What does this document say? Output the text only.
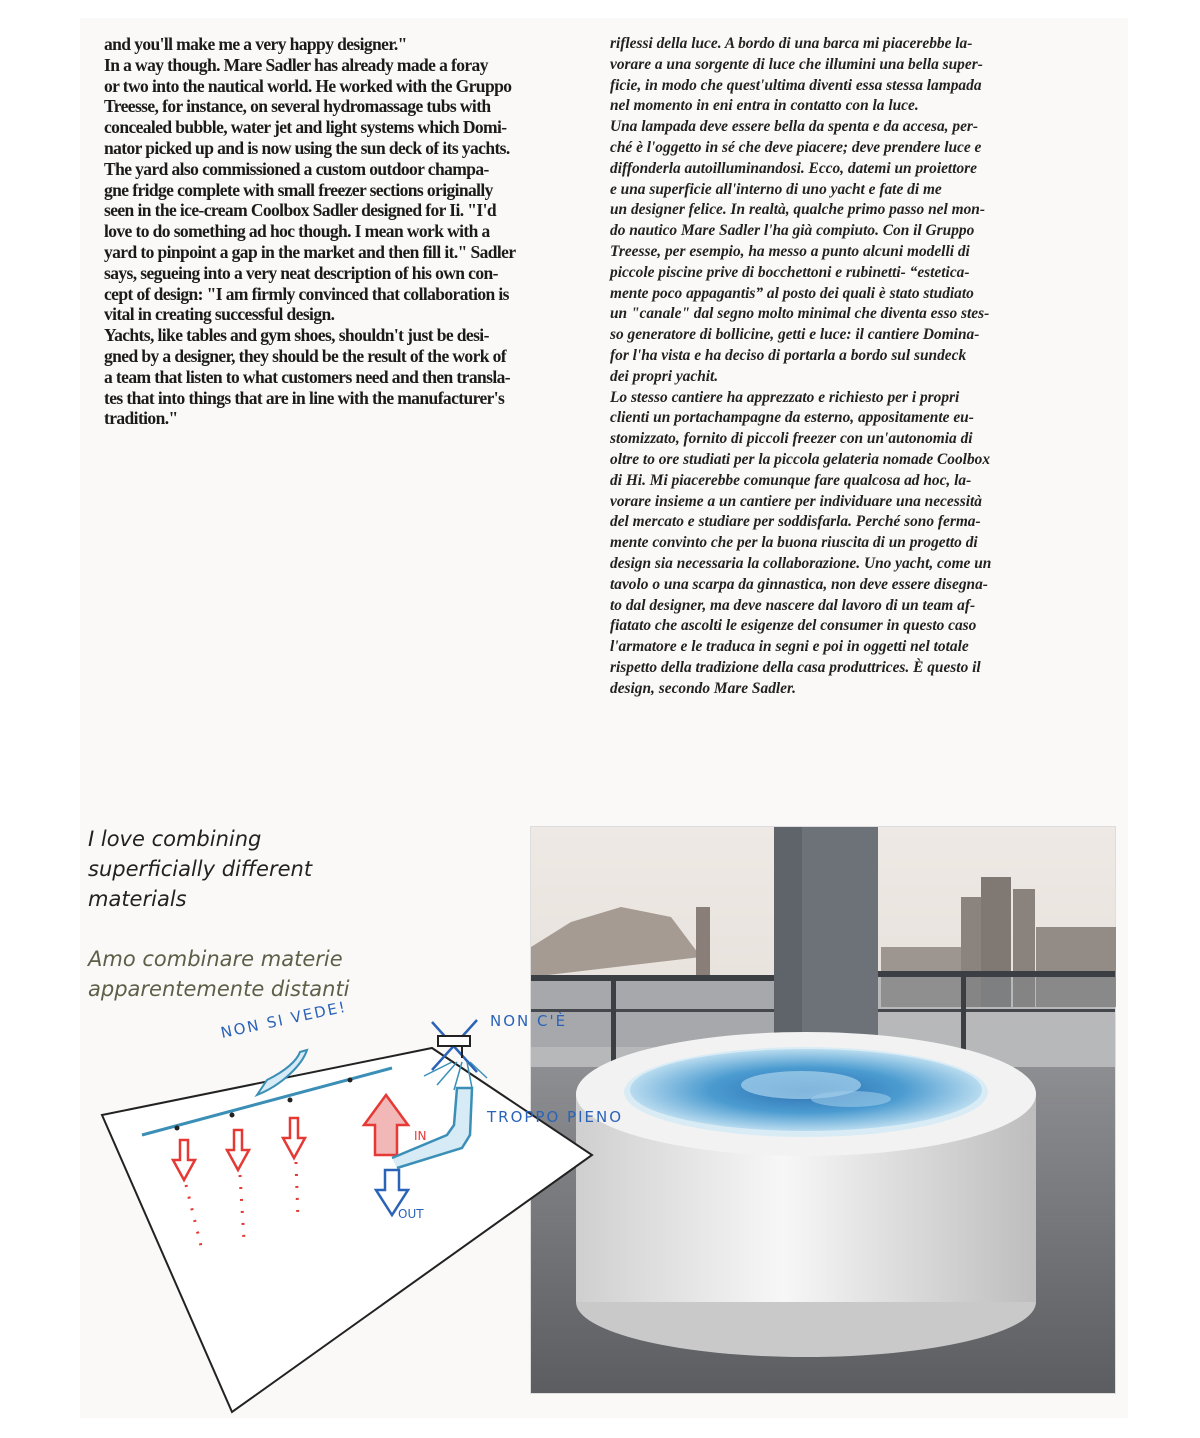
and you'll make me a very happy designer."
In a way though. Mare Sadler has already made a foray
or two into the nautical world. He worked with the Gruppo
Treesse, for instance, on several hydromassage tubs with
concealed bubble, water jet and light systems which Domi-
nator picked up and is now using the sun deck of its yachts.
The yard also commissioned a custom outdoor champa-
gne fridge complete with small freezer sections originally
seen in the ice-cream Coolbox Sadler designed for Ii. "I'd
love to do something ad hoc though. I mean work with a
yard to pinpoint a gap in the market and then fill it." Sadler
says, segueing into a very neat description of his own con-
cept of design: "I am firmly convinced that collaboration is
vital in creating successful design.
Yachts, like tables and gym shoes, shouldn't just be desi-
gned by a designer, they should be the result of the work of
a team that listen to what customers need and then transla-
tes that into things that are in line with the manufacturer's
tradition."
riflessi della luce. A bordo di una barca mi piacerebbe la-
vorare a una sorgente di luce che illumini una bella super-
ficie, in modo che quest'ultima diventi essa stessa lampada
nel momento in eni entra in contatto con la luce.
Una lampada deve essere bella da spenta e da accesa, per-
ché è l'oggetto in sé che deve piacere; deve prendere luce e
diffonderla autoilluminandosi. Ecco, datemi un proiettore
e una superficie all'interno di uno yacht e fate di me
un designer felice. In realtà, qualche primo passo nel mon-
do nautico Mare Sadler l'ha già compiuto. Con il Gruppo
Treesse, per esempio, ha messo a punto alcuni modelli di
piccole piscine prive di bocchettoni e rubinetti- “estetica-
mente poco appagantis” al posto dei quali è stato studiato
un "canale" dal segno molto minimal che diventa esso stes-
so generatore di bollicine, getti e luce: il cantiere Domina-
for l'ha vista e ha deciso di portarla a bordo sul sundeck
dei propri yachit.
Lo stesso cantiere ha apprezzato e richiesto per i propri
clienti un portachampagne da esterno, appositamente eu-
stomizzato, fornito di piccoli freezer con un'autonomia di
oltre to ore studiati per la piccola gelateria nomade Coolbox
di Hi. Mi piacerebbe comunque fare qualcosa ad hoc, la-
vorare insieme a un cantiere per individuare una necessità
del mercato e studiare per soddisfarla. Perché sono ferma-
mente convinto che per la buona riuscita di un progetto di
design sia necessaria la collaborazione. Uno yacht, come un
tavolo o una scarpa da ginnastica, non deve essere disegna-
to dal designer, ma deve nascere dal lavoro di un team af-
fiatato che ascolti le esigenze del consumer in questo caso
l'armatore e le traduca in segni e poi in oggetti nel totale
rispetto della tradizione della casa produttrices. È questo il
design, secondo Mare Sadler.
I love combining
superficially different
materials
Amo combinare materie
apparentemente distanti
NON SI VEDE!	NON C'È
TROPPO PIENO
IN
OUT
